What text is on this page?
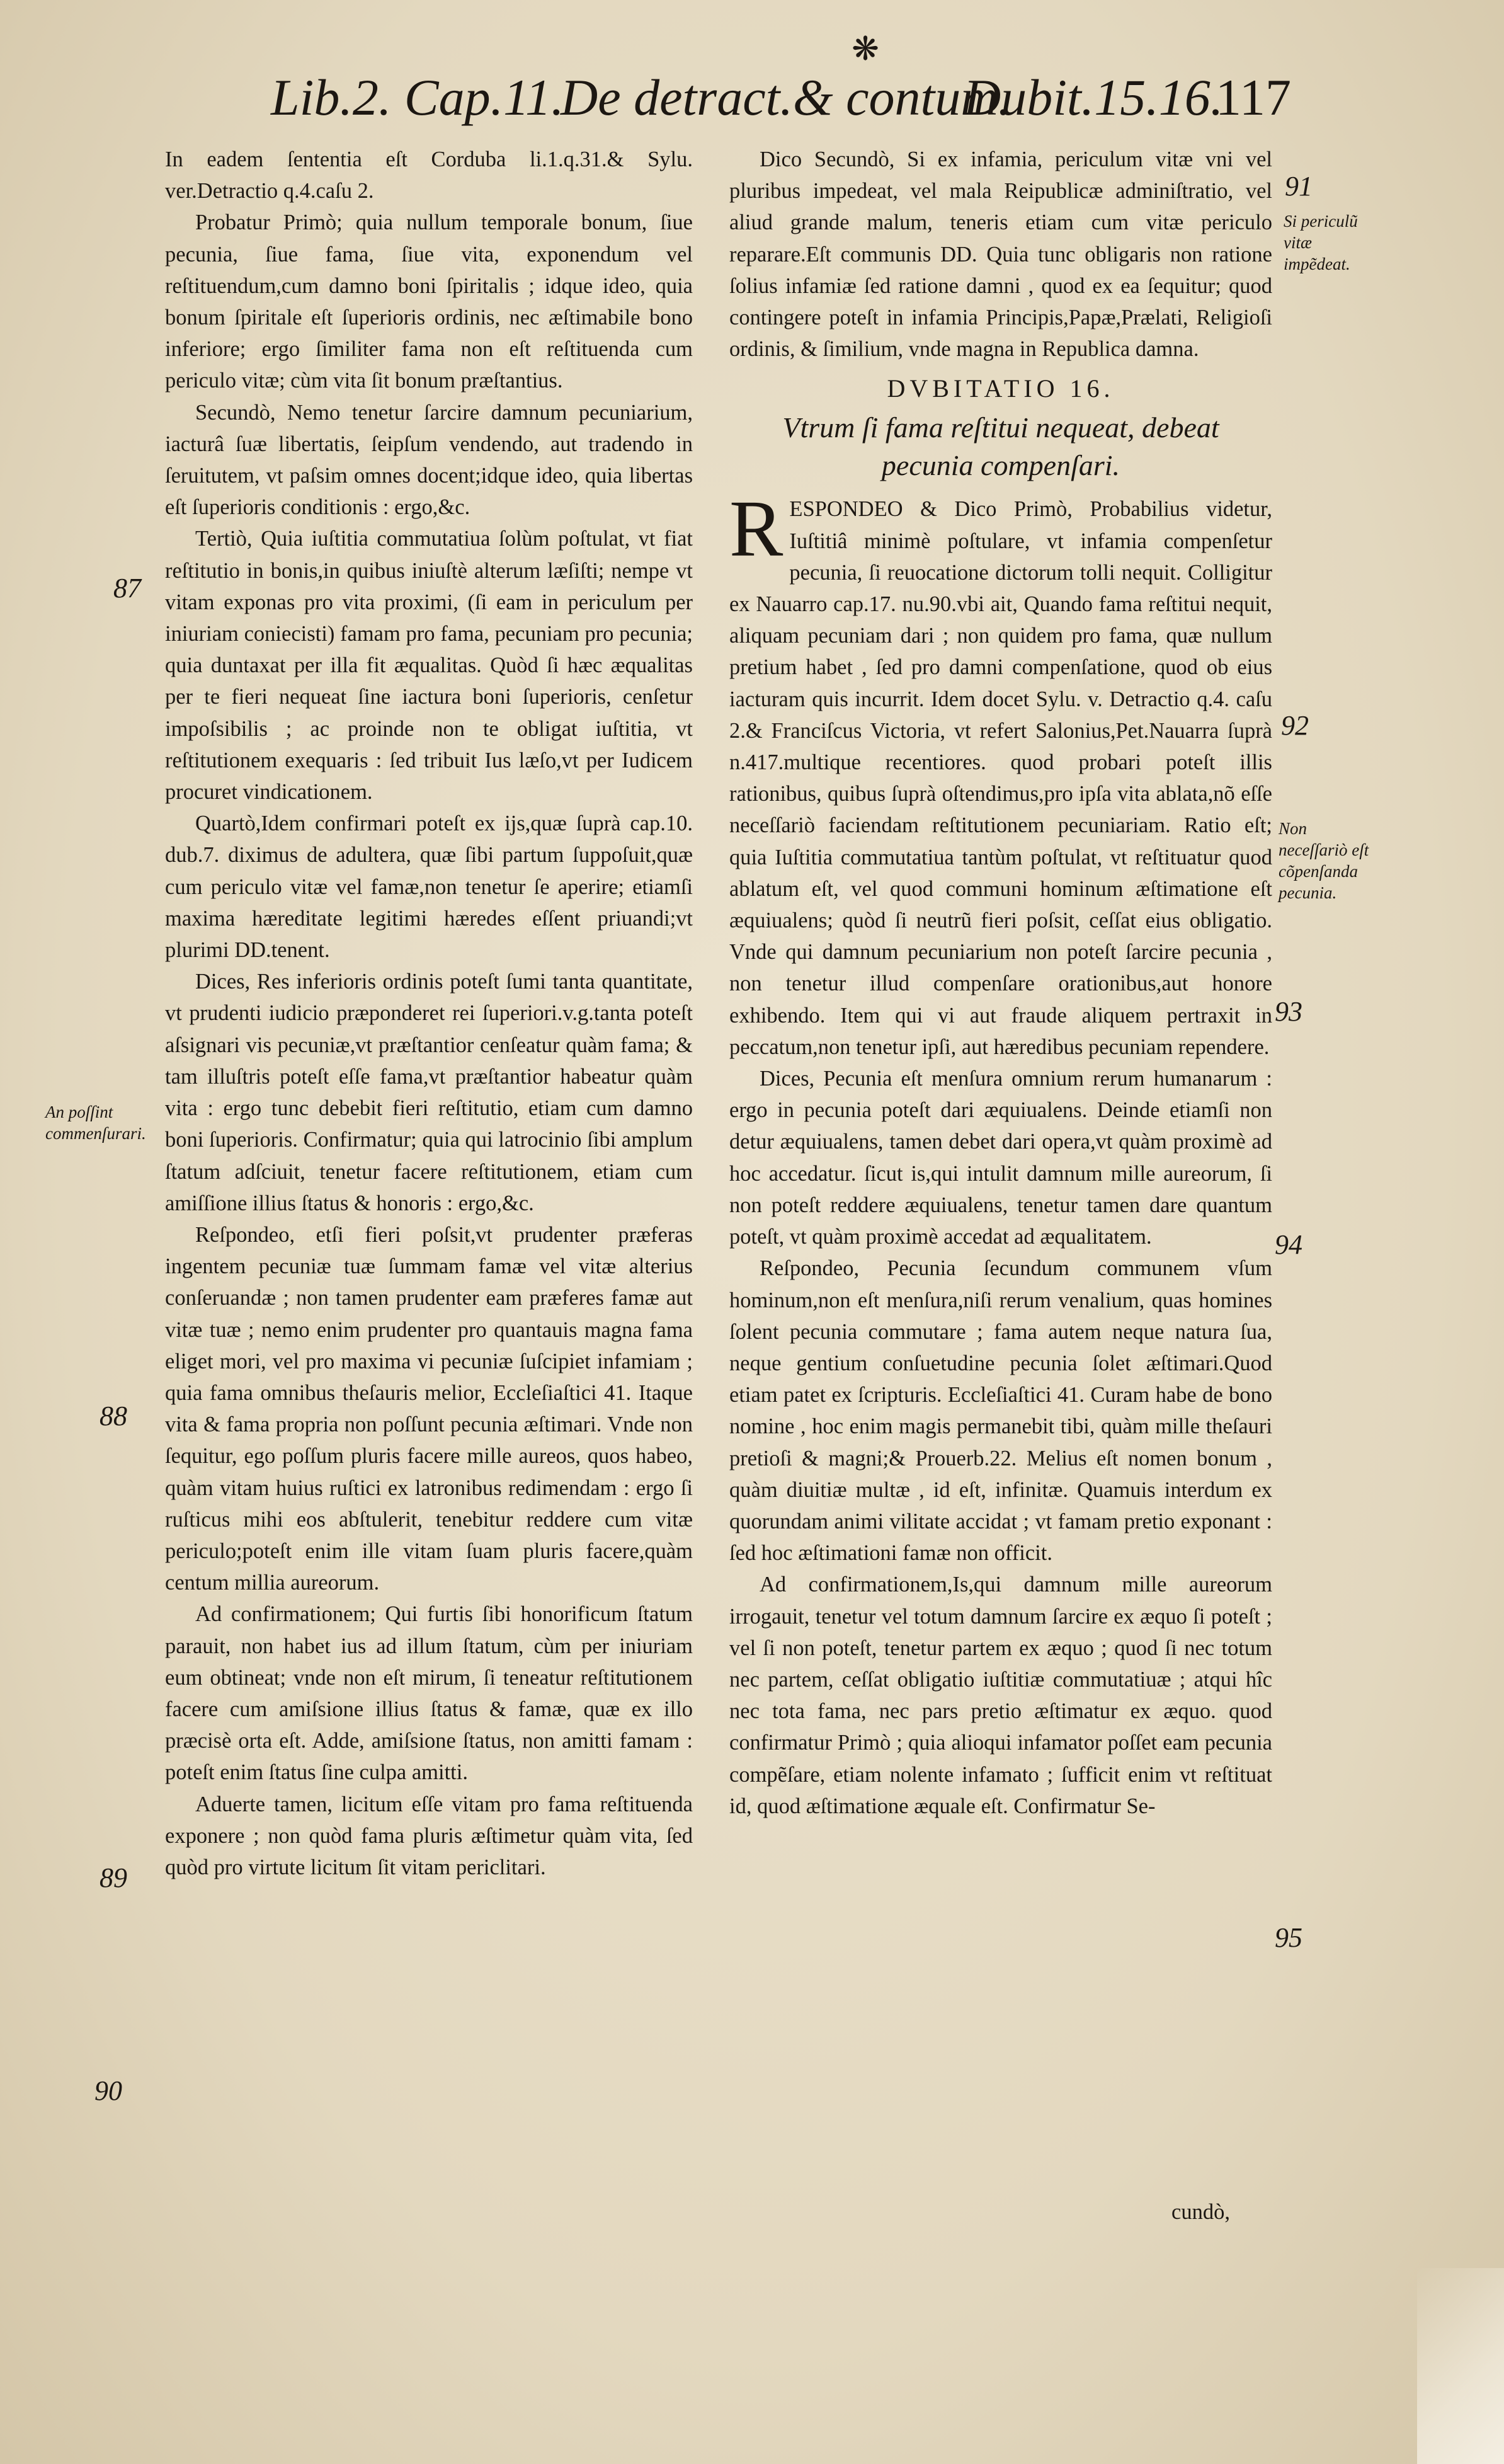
❋
Lib.2. Cap.11.
De detract.& contum.
Dubit.15.16.
117

In eadem ſententia eſt Corduba li.1.q.31.& Sylu. ver.Detractio q.4.caſu 2.

Probatur Primò; quia nullum temporale bonum, ſiue pecunia, ſiue fama, ſiue vita, exponendum vel reſtituendum,cum damno boni ſpiritalis ; idque ideo, quia bonum ſpiritale eſt ſuperioris ordinis, nec æſtimabile bono inferiore; ergo ſimiliter fama non eſt reſtituenda cum periculo vitæ; cùm vita ſit bonum præſtantius.

Secundò, Nemo tenetur ſarcire damnum pecuniarium, iacturâ ſuæ libertatis, ſeipſum vendendo, aut tradendo in ſeruitutem, vt paſsim omnes docent;idque ideo, quia libertas eſt ſuperioris conditionis : ergo,&c.

Tertiò, Quia iuſtitia commutatiua ſolùm poſtulat, vt fiat reſtitutio in bonis,in quibus iniuſtè alterum læſiſti; nempe vt vitam exponas pro vita proximi, (ſi eam in periculum per iniuriam coniecisti) famam pro fama, pecuniam pro pecunia; quia duntaxat per illa fit æqualitas. Quòd ſi hæc æqualitas per te fieri nequeat ſine iactura boni ſuperioris, cenſetur impoſsibilis ; ac proinde non te obligat iuſtitia, vt reſtitutionem exequaris : ſed tribuit Ius læſo,vt per Iudicem procuret vindicationem.

Quartò,Idem confirmari poteſt ex ijs,quæ ſuprà cap.10. dub.7. diximus de adultera, quæ ſibi partum ſuppoſuit,quæ cum periculo vitæ vel famæ,non tenetur ſe aperire; etiamſi maxima hæreditate legitimi hæredes eſſent priuandi;vt plurimi DD.tenent.

Dices, Res inferioris ordinis poteſt ſumi tanta quantitate, vt prudenti iudicio præponderet rei ſuperiori.v.g.tanta poteſt aſsignari vis pecuniæ,vt præſtantior cenſeatur quàm fama; & tam illuſtris poteſt eſſe fama,vt præſtantior habeatur quàm vita : ergo tunc debebit fieri reſtitutio, etiam cum damno boni ſuperioris. Confirmatur; quia qui latrocinio ſibi amplum ſtatum adſciuit, tenetur facere reſtitutionem, etiam cum amiſſione illius ſtatus & honoris : ergo,&c.

Reſpondeo, etſi fieri poſsit,vt prudenter præferas ingentem pecuniæ tuæ ſummam famæ vel vitæ alterius conſeruandæ ; non tamen prudenter eam præferes famæ aut vitæ tuæ ; nemo enim prudenter pro quantauis magna fama eliget mori, vel pro maxima vi pecuniæ ſuſcipiet infamiam ; quia fama omnibus theſauris melior, Eccleſiaſtici 41. Itaque vita & fama propria non poſſunt pecunia æſtimari. Vnde non ſequitur, ego poſſum pluris facere mille aureos, quos habeo, quàm vitam huius ruſtici ex latronibus redimendam : ergo ſi ruſticus mihi eos abſtulerit, tenebitur reddere cum vitæ periculo;poteſt enim ille vitam ſuam pluris facere,quàm centum millia aureorum.

Ad confirmationem; Qui furtis ſibi honorificum ſtatum parauit, non habet ius ad illum ſtatum, cùm per iniuriam eum obtineat; vnde non eſt mirum, ſi teneatur reſtitutionem facere cum amiſsione illius ſtatus & famæ, quæ ex illo præcisè orta eſt. Adde, amiſsione ſtatus, non amitti famam : poteſt enim ſtatus ſine culpa amitti.

Aduerte tamen, licitum eſſe vitam pro fama reſtituenda exponere ; non quòd fama pluris æſtimetur quàm vita, ſed quòd pro virtute licitum ſit vitam periclitari.

Dico Secundò, Si ex infamia, periculum vitæ vni vel pluribus impedeat, vel mala Reipublicæ adminiſtratio, vel aliud grande malum, teneris etiam cum vitæ periculo reparare.Eſt communis DD. Quia tunc obligaris non ratione ſolius infamiæ ſed ratione damni , quod ex ea ſequitur; quod contingere poteſt in infamia Principis,Papæ,Prælati, Religioſi ordinis, & ſimilium, vnde magna in Republica damna.

DVBITATIO 16.
Vtrum ſi fama reſtitui nequeat, debeat pecunia compenſari.
R ESPONDEO & Dico Primò, Probabilius videtur, Iuſtitiâ minimè poſtulare, vt infamia compenſetur pecunia, ſi reuocatione dictorum tolli nequit. Colligitur ex Nauarro cap.17. nu.90.vbi ait, Quando fama reſtitui nequit, aliquam pecuniam dari ; non quidem pro fama, quæ nullum pretium habet , ſed pro damni compenſatione, quod ob eius iacturam quis incurrit. Idem docet Sylu. v. Detractio q.4. caſu 2.& Franciſcus Victoria, vt refert Salonius,Pet.Nauarra ſuprà n.417.multique recentiores. quod probari poteſt illis rationibus, quibus ſuprà oſtendimus,pro ipſa vita ablata,nõ eſſe neceſſariò faciendam reſtitutionem pecuniariam. Ratio eſt; quia Iuſtitia commutatiua tantùm poſtulat, vt reſtituatur quod ablatum eſt, vel quod communi hominum æſtimatione eſt æquiualens; quòd ſi neutrũ fieri poſsit, ceſſat eius obligatio. Vnde qui damnum pecuniarium non poteſt ſarcire pecunia , non tenetur illud compenſare orationibus,aut honore exhibendo. Item qui vi aut fraude aliquem pertraxit in peccatum,non tenetur ipſi, aut hæredibus pecuniam rependere.

Dices, Pecunia eſt menſura omnium rerum humanarum : ergo in pecunia poteſt dari æquiualens. Deinde etiamſi non detur æquiualens, tamen debet dari opera,vt quàm proximè ad hoc accedatur. ſicut is,qui intulit damnum mille aureorum, ſi non poteſt reddere æquiualens, tenetur tamen dare quantum poteſt, vt quàm proximè accedat ad æqualitatem.

Reſpondeo, Pecunia ſecundum communem vſum hominum,non eſt menſura,niſi rerum venalium, quas homines ſolent pecunia commutare ; fama autem neque natura ſua, neque gentium conſuetudine pecunia ſolet æſtimari.Quod etiam patet ex ſcripturis. Eccleſiaſtici 41. Curam habe de bono nomine , hoc enim magis permanebit tibi, quàm mille theſauri pretioſi & magni;& Prouerb.22. Melius eſt nomen bonum , quàm diuitiæ multæ , id eſt, infinitæ. Quamuis interdum ex quorundam animi vilitate accidat ; vt famam pretio exponant : ſed hoc æſtimationi famæ non officit.

Ad confirmationem,Is,qui damnum mille aureorum irrogauit, tenetur vel totum damnum ſarcire ex æquo ſi poteſt ; vel ſi non poteſt, tenetur partem ex æquo ; quod ſi nec totum nec partem, ceſſat obligatio iuſtitiæ commutatiuæ ; atqui hîc nec tota fama, nec pars pretio æſtimatur ex æquo. quod confirmatur Primò ; quia alioqui infamator poſſet eam pecunia compẽſare, etiam nolente infamato ; ſufficit enim vt reſtituat id, quod æſtimatione æquale eſt. Confirmatur Se-

cundò,
87
88
89
90
91
92
93
94
95
An poſſint commenſurari.
Si periculũ vitæ impẽdeat.
Non neceſſariò eſt cõpenſanda pecunia.
